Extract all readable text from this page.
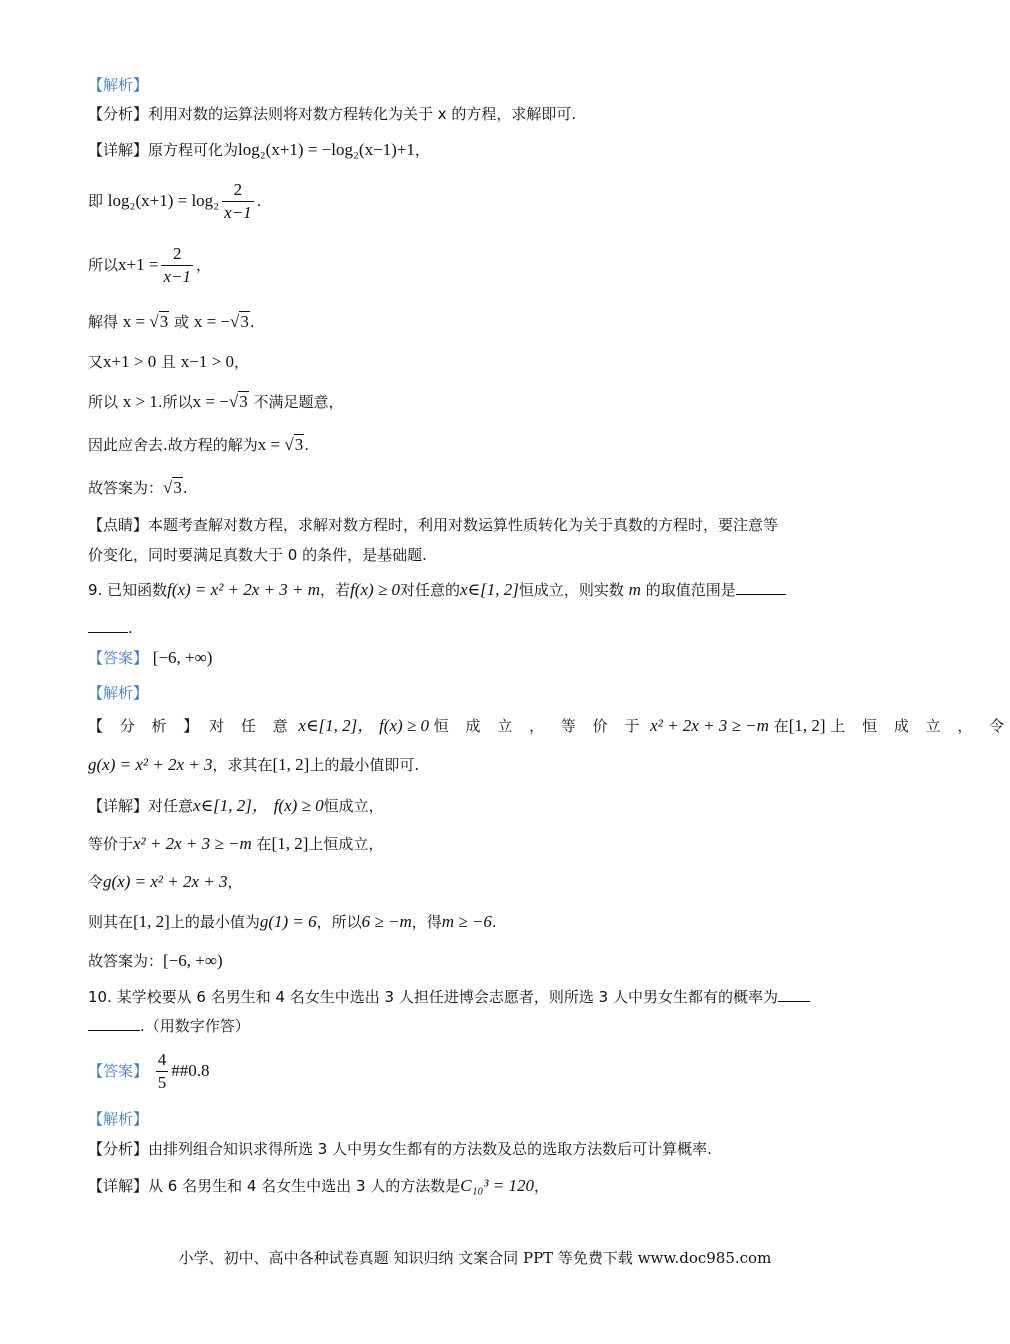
【解析】
【分析】利用对数的运算法则将对数方程转化为关于 x 的方程，求解即可.
【详解】原方程可化为log₂(x+1) = −log₂(x−1)+1，
即 $\log_2(x+1) = \log_2 \frac{2}{x-1}$ .
所以$x+1 = \frac{2}{x-1}$ ，
解得 x = √3 或 x = −√3.
又x+1 > 0 且 x−1 > 0，
所以 x > 1.所以x = −√3 不满足题意，
因此应舍去.故方程的解为x = √3.
故答案为：√3.
【点睛】本题考查解对数方程，求解对数方程时，利用对数运算性质转化为关于真数的方程时，要注意等
价变化，同时要满足真数大于 0 的条件，是基础题.
9. 已知函数f(x) = x² + 2x + 3 + m，若f(x) ≥ 0对任意的x∈[1, 2]恒成立，则实数 m 的取值范围是
.
【答案】 [−6, +∞)
【解析】
【 分 析 】 对 任 意 x∈[1, 2]， f(x) ≥ 0 恒 成 立 ， 等 价 于 x² + 2x + 3 ≥ −m 在[1, 2] 上 恒 成 立 ， 令
g(x) = x² + 2x + 3，求其在[1, 2]上的最小值即可.
【详解】对任意x∈[1, 2]， f(x) ≥ 0恒成立，
等价于x² + 2x + 3 ≥ −m 在[1, 2]上恒成立，
令g(x) = x² + 2x + 3，
则其在[1, 2]上的最小值为g(1) = 6，所以6 ≥ −m，得m ≥ −6.
故答案为：[−6, +∞)
10. 某学校要从 6 名男生和 4 名女生中选出 3 人担任进博会志愿者，则所选 3 人中男女生都有的概率为
.（用数字作答）
【答案】 $\frac{4}{5}$ ##0.8
【解析】
【分析】由排列组合知识求得所选 3 人中男女生都有的方法数及总的选取方法数后可计算概率.
【详解】从 6 名男生和 4 名女生中选出 3 人的方法数是C₁₀³ = 120，
小学、初中、高中各种试卷真题 知识归纳 文案合同 PPT 等免费下载 www.doc985.com
